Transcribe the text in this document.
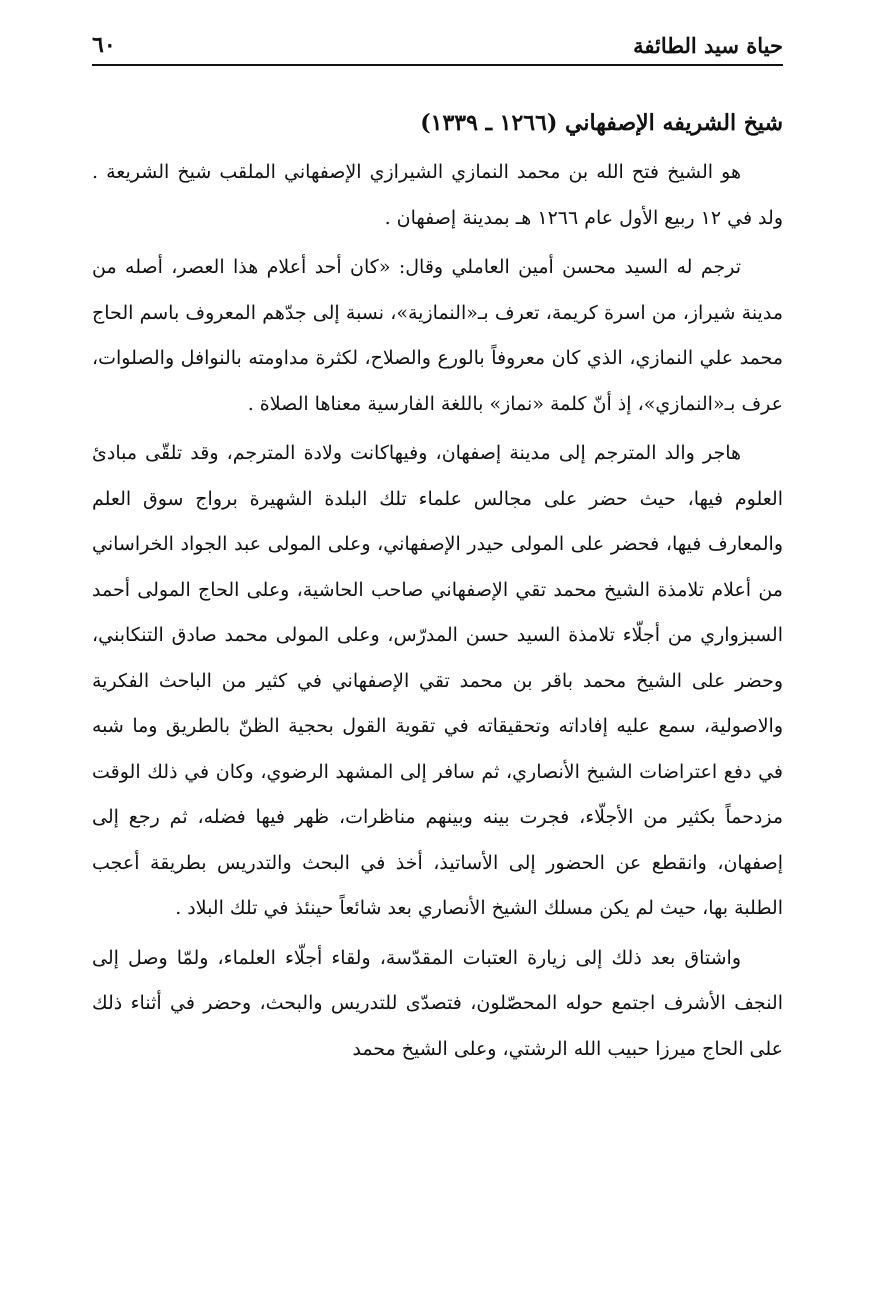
٦٠	حياة سيد الطائفة
شيخ الشريفه الإصفهاني (١٢٦٦ ـ ١٣٣٩)

هو الشيخ فتح الله بن محمد النمازي الشيرازي الإصفهاني الملقب شيخ الشريعة . ولد في ١٢ ربيع الأول عام ١٢٦٦ هـ بمدينة إصفهان .

ترجم له السيد محسن أمين العاملي وقال: «كان أحد أعلام هذا العصر، أصله من مدينة شيراز، من اسرة كريمة، تعرف بـ«النمازية»، نسبة إلى جدّهم المعروف باسم الحاج محمد علي النمازي، الذي كان معروفاً بالورع والصلاح، لكثرة مداومته بالنوافل والصلوات، عرف بـ«النمازي»، إذ أنّ كلمة «نماز» باللغة الفارسية معناها الصلاة .

هاجر والد المترجم إلى مدينة إصفهان، وفيهاكانت ولادة المترجم، وقد تلقّى مبادئ العلوم فيها، حيث حضر على مجالس علماء تلك البلدة الشهيرة برواج سوق العلم والمعارف فيها، فحضر على المولى حيدر الإصفهاني، وعلى المولى عبد الجواد الخراساني من أعلام تلامذة الشيخ محمد تقي الإصفهاني صاحب الحاشية، وعلى الحاج المولى أحمد السبزواري من أجلّاء تلامذة السيد حسن المدرّس، وعلى المولى محمد صادق التنكابني، وحضر على الشيخ محمد باقر بن محمد تقي الإصفهاني في كثير من الباحث الفكرية والاصولية، سمع عليه إفاداته وتحقيقاته في تقوية القول بحجية الظنّ بالطريق وما شبه في دفع اعتراضات الشيخ الأنصاري، ثم سافر إلى المشهد الرضوي، وكان في ذلك الوقت مزدحماً بكثير من الأجلّاء، فجرت بينه وبينهم مناظرات، ظهر فيها فضله، ثم رجع إلى إصفهان، وانقطع عن الحضور إلى الأساتيذ، أخذ في البحث والتدريس بطريقة أعجب الطلبة بها، حيث لم يكن مسلك الشيخ الأنصاري بعد شائعاً حينئذ في تلك البلاد .

واشتاق بعد ذلك إلى زيارة العتبات المقدّسة، ولقاء أجلّاء العلماء، ولمّا وصل إلى النجف الأشرف اجتمع حوله المحصّلون، فتصدّى للتدريس والبحث، وحضر في أثناء ذلك على الحاج ميرزا حبيب الله الرشتي، وعلى الشيخ محمد
